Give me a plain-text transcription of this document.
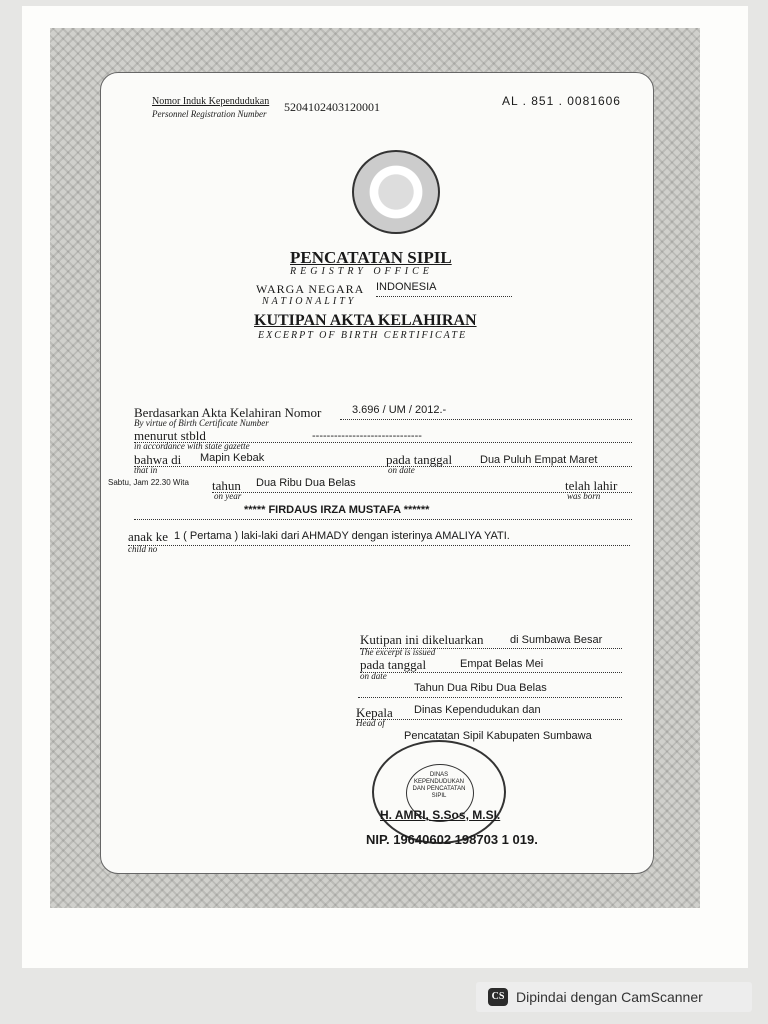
Nomor Induk Kependudukan
Personnel Registration Number 5204102403120001	AL . 851 . 0081606
PENCATATAN SIPIL
REGISTRY OFFICE
WARGA NEGARA INDONESIA
NATIONALITY
KUTIPAN AKTA KELAHIRAN
EXCERPT OF BIRTH CERTIFICATE
Berdasarkan Akta Kelahiran Nomor	3.696 / UM / 2012.-
By virtue of Birth Certificate Number
menurut stbld	------------------------------
in accordance with state gazette
bahwa di Mapin Kebak	pada tanggal	Dua Puluh Empat Maret
that in	on date
Sabtu, Jam 22.30 Wita tahun Dua Ribu Dua Belas	telah lahir
on year	was born
***** FIRDAUS IRZA MUSTAFA ******
anak ke 1 ( Pertama ) laki-laki dari AHMADY dengan isterinya AMALIYA YATI.
child no
Kutipan ini dikeluarkan di Sumbawa Besar
The excerpt is issued
pada tanggal	Empat Belas Mei
on date
Tahun Dua Ribu Dua Belas
Kepala Dinas Kependudukan dan
Head of
Pencatatan Sipil Kabupaten Sumbawa
DINAS KEPENDUDUKAN DAN PENCATATAN SIPIL
H. AMRI, S.Sos, M.SI.
NIP. 19640602 198703 1 019.
CS Dipindai dengan CamScanner
